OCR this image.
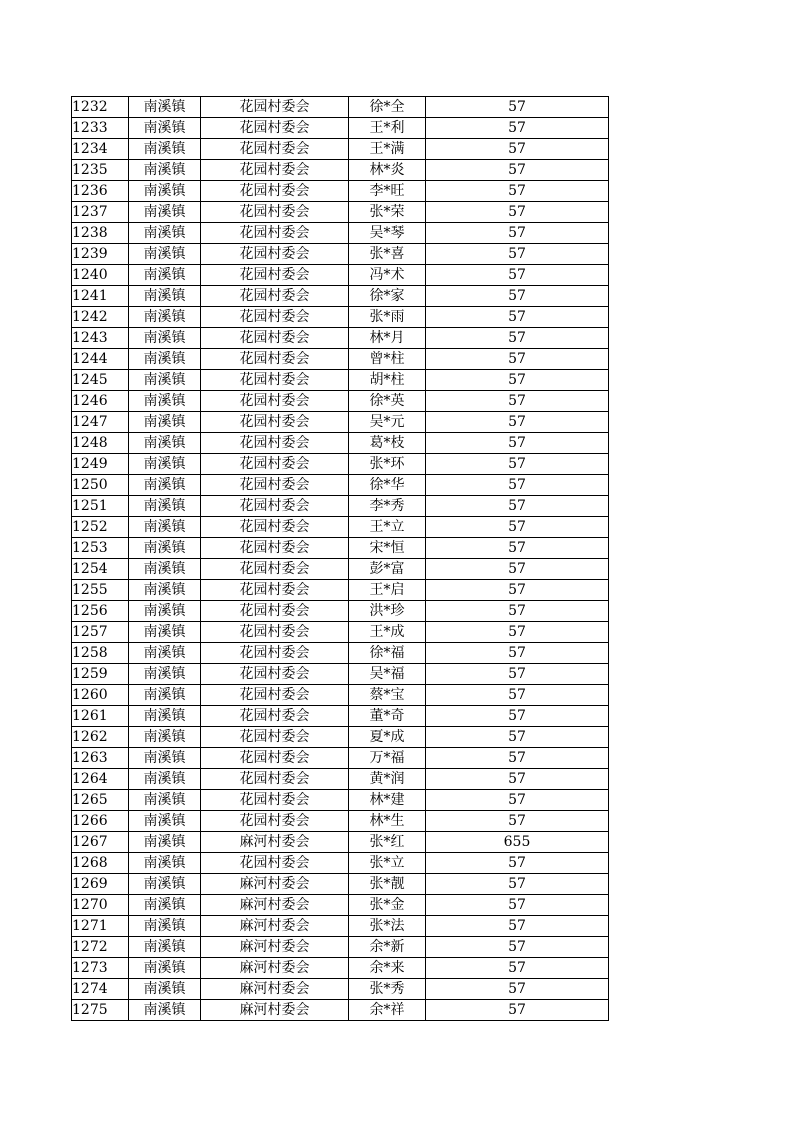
1232	南溪镇	花园村委会	徐*全	57
1233	南溪镇	花园村委会	王*利	57
1234	南溪镇	花园村委会	王*满	57
1235	南溪镇	花园村委会	林*炎	57
1236	南溪镇	花园村委会	李*旺	57
1237	南溪镇	花园村委会	张*荣	57
1238	南溪镇	花园村委会	吴*琴	57
1239	南溪镇	花园村委会	张*喜	57
1240	南溪镇	花园村委会	冯*术	57
1241	南溪镇	花园村委会	徐*家	57
1242	南溪镇	花园村委会	张*雨	57
1243	南溪镇	花园村委会	林*月	57
1244	南溪镇	花园村委会	曾*柱	57
1245	南溪镇	花园村委会	胡*柱	57
1246	南溪镇	花园村委会	徐*英	57
1247	南溪镇	花园村委会	吴*元	57
1248	南溪镇	花园村委会	葛*枝	57
1249	南溪镇	花园村委会	张*环	57
1250	南溪镇	花园村委会	徐*华	57
1251	南溪镇	花园村委会	李*秀	57
1252	南溪镇	花园村委会	王*立	57
1253	南溪镇	花园村委会	宋*恒	57
1254	南溪镇	花园村委会	彭*富	57
1255	南溪镇	花园村委会	王*启	57
1256	南溪镇	花园村委会	洪*珍	57
1257	南溪镇	花园村委会	王*成	57
1258	南溪镇	花园村委会	徐*福	57
1259	南溪镇	花园村委会	吴*福	57
1260	南溪镇	花园村委会	蔡*宝	57
1261	南溪镇	花园村委会	董*奇	57
1262	南溪镇	花园村委会	夏*成	57
1263	南溪镇	花园村委会	万*福	57
1264	南溪镇	花园村委会	黄*润	57
1265	南溪镇	花园村委会	林*建	57
1266	南溪镇	花园村委会	林*生	57
1267	南溪镇	麻河村委会	张*红	655
1268	南溪镇	花园村委会	张*立	57
1269	南溪镇	麻河村委会	张*靓	57
1270	南溪镇	麻河村委会	张*金	57
1271	南溪镇	麻河村委会	张*法	57
1272	南溪镇	麻河村委会	余*新	57
1273	南溪镇	麻河村委会	余*来	57
1274	南溪镇	麻河村委会	张*秀	57
1275	南溪镇	麻河村委会	余*祥	57
